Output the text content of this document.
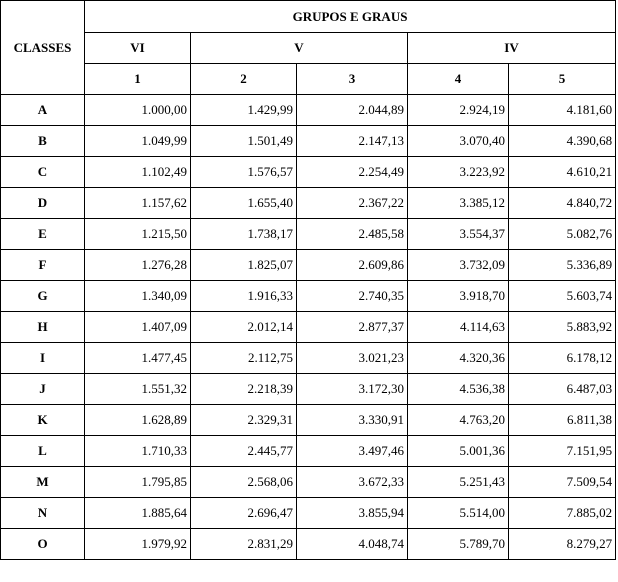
CLASSES	GRUPOS E GRAUS				
	VI	V		IV	
	1	2	3	4	5
A	1.000,00	1.429,99	2.044,89	2.924,19	4.181,60
B	1.049,99	1.501,49	2.147,13	3.070,40	4.390,68
C	1.102,49	1.576,57	2.254,49	3.223,92	4.610,21
D	1.157,62	1.655,40	2.367,22	3.385,12	4.840,72
E	1.215,50	1.738,17	2.485,58	3.554,37	5.082,76
F	1.276,28	1.825,07	2.609,86	3.732,09	5.336,89
G	1.340,09	1.916,33	2.740,35	3.918,70	5.603,74
H	1.407,09	2.012,14	2.877,37	4.114,63	5.883,92
I	1.477,45	2.112,75	3.021,23	4.320,36	6.178,12
J	1.551,32	2.218,39	3.172,30	4.536,38	6.487,03
K	1.628,89	2.329,31	3.330,91	4.763,20	6.811,38
L	1.710,33	2.445,77	3.497,46	5.001,36	7.151,95
M	1.795,85	2.568,06	3.672,33	5.251,43	7.509,54
N	1.885,64	2.696,47	3.855,94	5.514,00	7.885,02
O	1.979,92	2.831,29	4.048,74	5.789,70	8.279,27
